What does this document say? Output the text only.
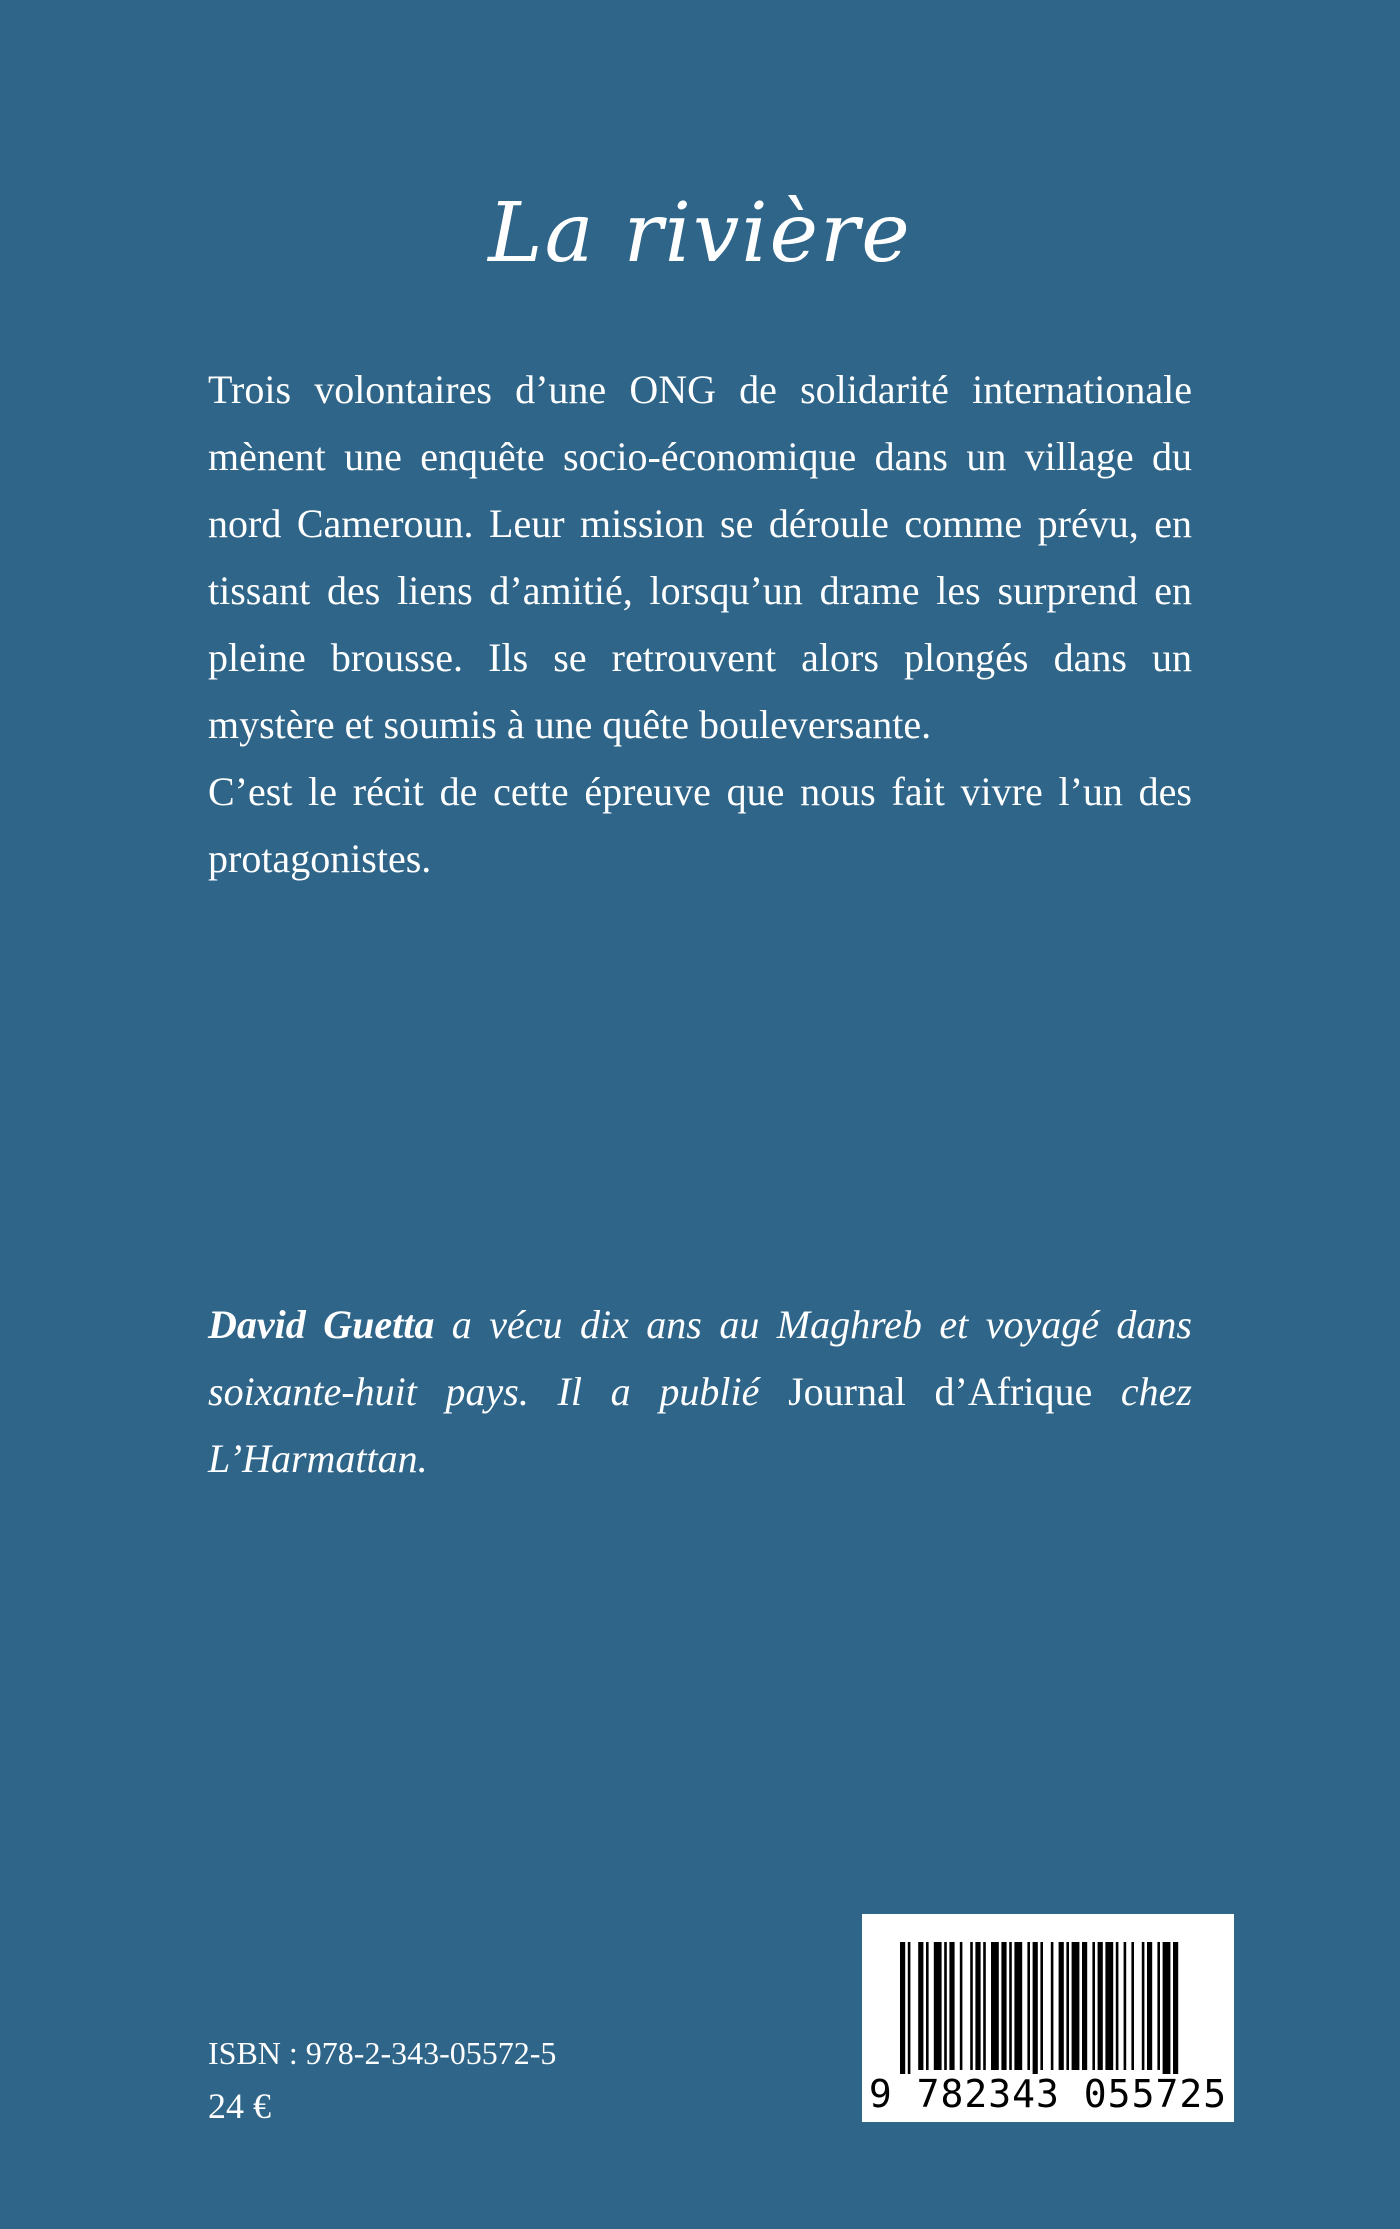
La rivière

Trois volontaires d’une ONG de solidarité internationale mènent une enquête socio-économique dans un village du nord Cameroun. Leur mission se déroule comme prévu, en tissant des liens d’amitié, lorsqu’un drame les surprend en pleine brousse. Ils se retrouvent alors plongés dans un mystère et soumis à une quête bouleversante.

C’est le récit de cette épreuve que nous fait vivre l’un des protagonistes.

David Guetta a vécu dix ans au Maghreb et voyagé dans soixante-huit pays. Il a publié Journal d’Afrique chez L’Harmattan.
ISBN : 978-2-343-05572-5
24 €	9 782343 055725
